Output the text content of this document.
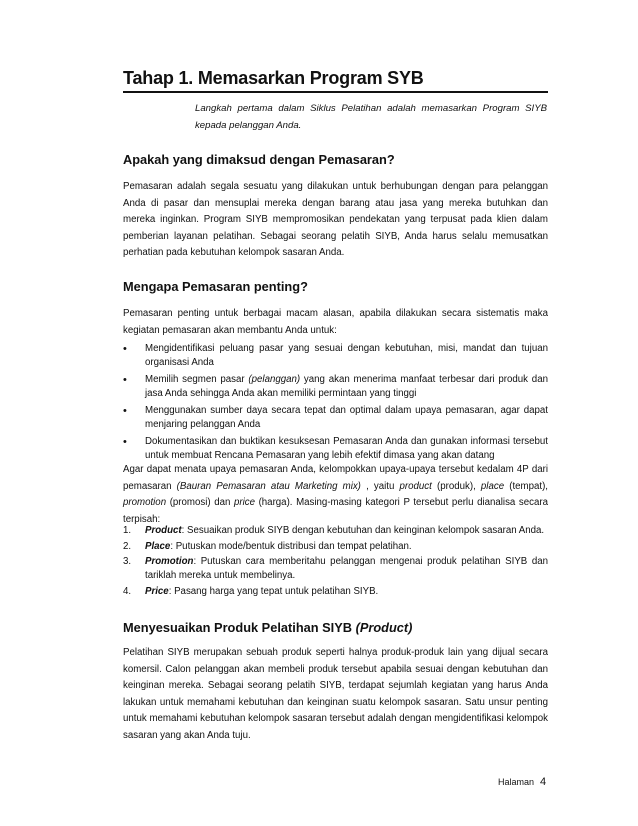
Tahap 1. Memasarkan Program SYB
Langkah pertama dalam Siklus Pelatihan adalah memasarkan Program SIYB kepada pelanggan Anda.
Apakah yang dimaksud dengan Pemasaran?

Pemasaran adalah segala sesuatu yang dilakukan untuk berhubungan dengan para pelanggan Anda di pasar dan mensuplai mereka dengan barang atau jasa yang mereka butuhkan dan mereka inginkan. Program SIYB mempromosikan pendekatan yang terpusat pada klien dalam pemberian layanan pelatihan. Sebagai seorang pelatih SIYB, Anda harus selalu memusatkan perhatian pada kebutuhan kelompok sasaran Anda.

Mengapa Pemasaran penting?

Pemasaran penting untuk berbagai macam alasan, apabila dilakukan secara sistematis maka kegiatan pemasaran akan membantu Anda untuk:

• Mengidentifikasi peluang pasar yang sesuai dengan kebutuhan, misi, mandat dan tujuan organisasi Anda
• Memilih segmen pasar (pelanggan) yang akan menerima manfaat terbesar dari produk dan jasa Anda sehingga Anda akan memiliki permintaan yang tinggi
• Menggunakan sumber daya secara tepat dan optimal dalam upaya pemasaran, agar dapat menjaring pelanggan Anda
• Dokumentasikan dan buktikan kesuksesan Pemasaran Anda dan gunakan informasi tersebut untuk membuat Rencana Pemasaran yang lebih efektif dimasa yang akan datang

Agar dapat menata upaya pemasaran Anda, kelompokkan upaya-upaya tersebut kedalam 4P dari pemasaran (Bauran Pemasaran atau Marketing mix) , yaitu product (produk), place (tempat), promotion (promosi) dan price (harga). Masing-masing kategori P tersebut perlu dianalisa secara terpisah:

1. Product: Sesuaikan produk SIYB dengan kebutuhan dan keinginan kelompok sasaran Anda.
2. Place: Putuskan mode/bentuk distribusi dan tempat pelatihan.
3. Promotion: Putuskan cara memberitahu pelanggan mengenai produk pelatihan SIYB dan tariklah mereka untuk membelinya.
4. Price: Pasang harga yang tepat untuk pelatihan SIYB.
Menyesuaikan Produk Pelatihan SIYB (Product)

Pelatihan SIYB merupakan sebuah produk seperti halnya produk-produk lain yang dijual secara komersil. Calon pelanggan akan membeli produk tersebut apabila sesuai dengan kebutuhan dan keinginan mereka. Sebagai seorang pelatih SIYB, terdapat sejumlah kegiatan yang harus Anda lakukan untuk memahami kebutuhan dan keinginan suatu kelompok sasaran. Satu unsur penting untuk memahami kebutuhan kelompok sasaran tersebut adalah dengan mengidentifikasi kelompok sasaran yang akan Anda tuju.

Halaman 4
